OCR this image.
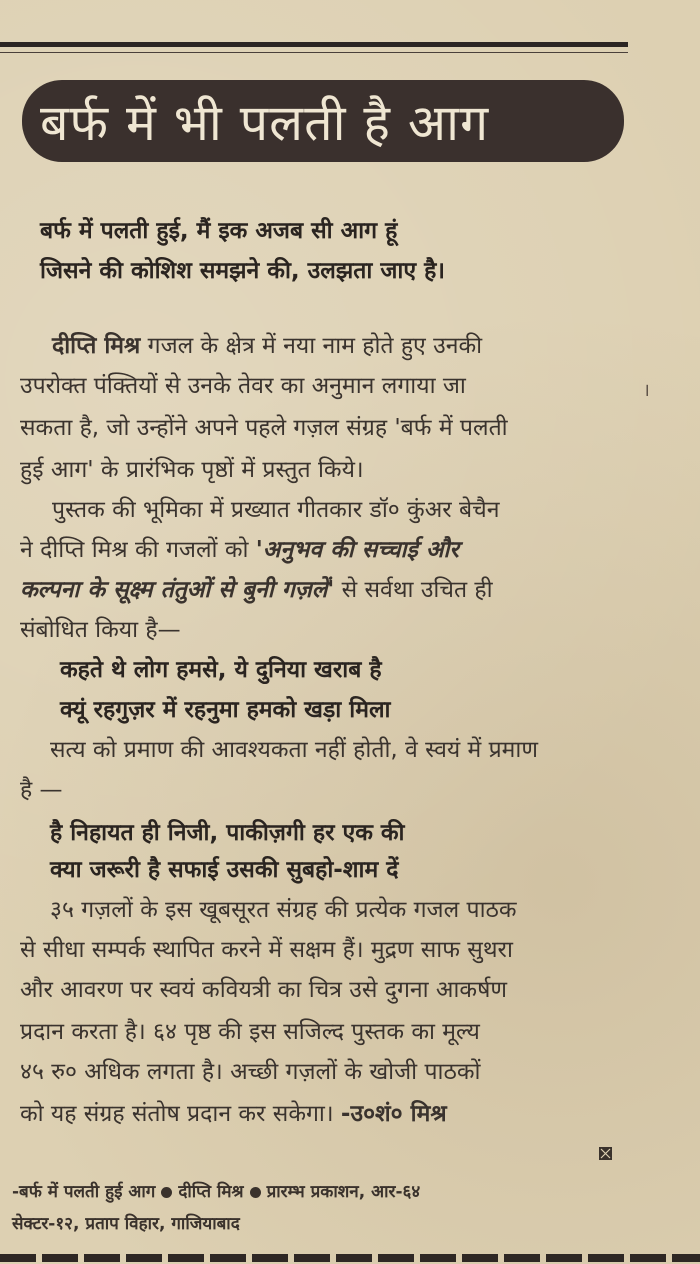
बर्फ में भी पलती है आग
बर्फ में पलती हुई, मैं इक अजब सी आग हूं
जिसने की कोशिश समझने की, उलझता जाए है।
दीप्ति मिश्र गजल के क्षेत्र में नया नाम होते हुए उनकी
उपरोक्त पंक्तियों से उनके तेवर का अनुमान लगाया जा
सकता है, जो उन्होंने अपने पहले गज़ल संग्रह 'बर्फ में पलती
हुई आग' के प्रारंभिक पृष्ठों में प्रस्तुत किये।
।
पुस्तक की भूमिका में प्रख्यात गीतकार डॉ० कुंअर बेचैन
ने दीप्ति मिश्र की गजलों को 'अनुभव की सच्चाई और
कल्पना के सूक्ष्म तंतुओं से बुनी गज़लें' से सर्वथा उचित ही
संबोधित किया है—
कहते थे लोग हमसे, ये दुनिया खराब है
क्यूं रहगुज़र में रहनुमा हमको खड़ा मिला
सत्य को प्रमाण की आवश्यकता नहीं होती, वे स्वयं में प्रमाण
है —
है निहायत ही निजी, पाकीज़गी हर एक की
क्या जरूरी है सफाई उसकी सुबहो-शाम दें
३५ गज़लों के इस खूबसूरत संग्रह की प्रत्येक गजल पाठक
से सीधा सम्पर्क स्थापित करने में सक्षम हैं। मुद्रण साफ सुथरा
और आवरण पर स्वयं कवियत्री का चित्र उसे दुगना आकर्षण
प्रदान करता है। ६४ पृष्ठ की इस सजिल्द पुस्तक का मूल्य
४५ रु० अधिक लगता है। अच्छी गज़लों के खोजी पाठकों
को यह संग्रह संतोष प्रदान कर सकेगा। -उ०शं० मिश्र
-बर्फ में पलती हुई आग दीप्ति मिश्र प्रारम्भ प्रकाशन, आर-६४
सेक्टर-१२, प्रताप विहार, गाजियाबाद
